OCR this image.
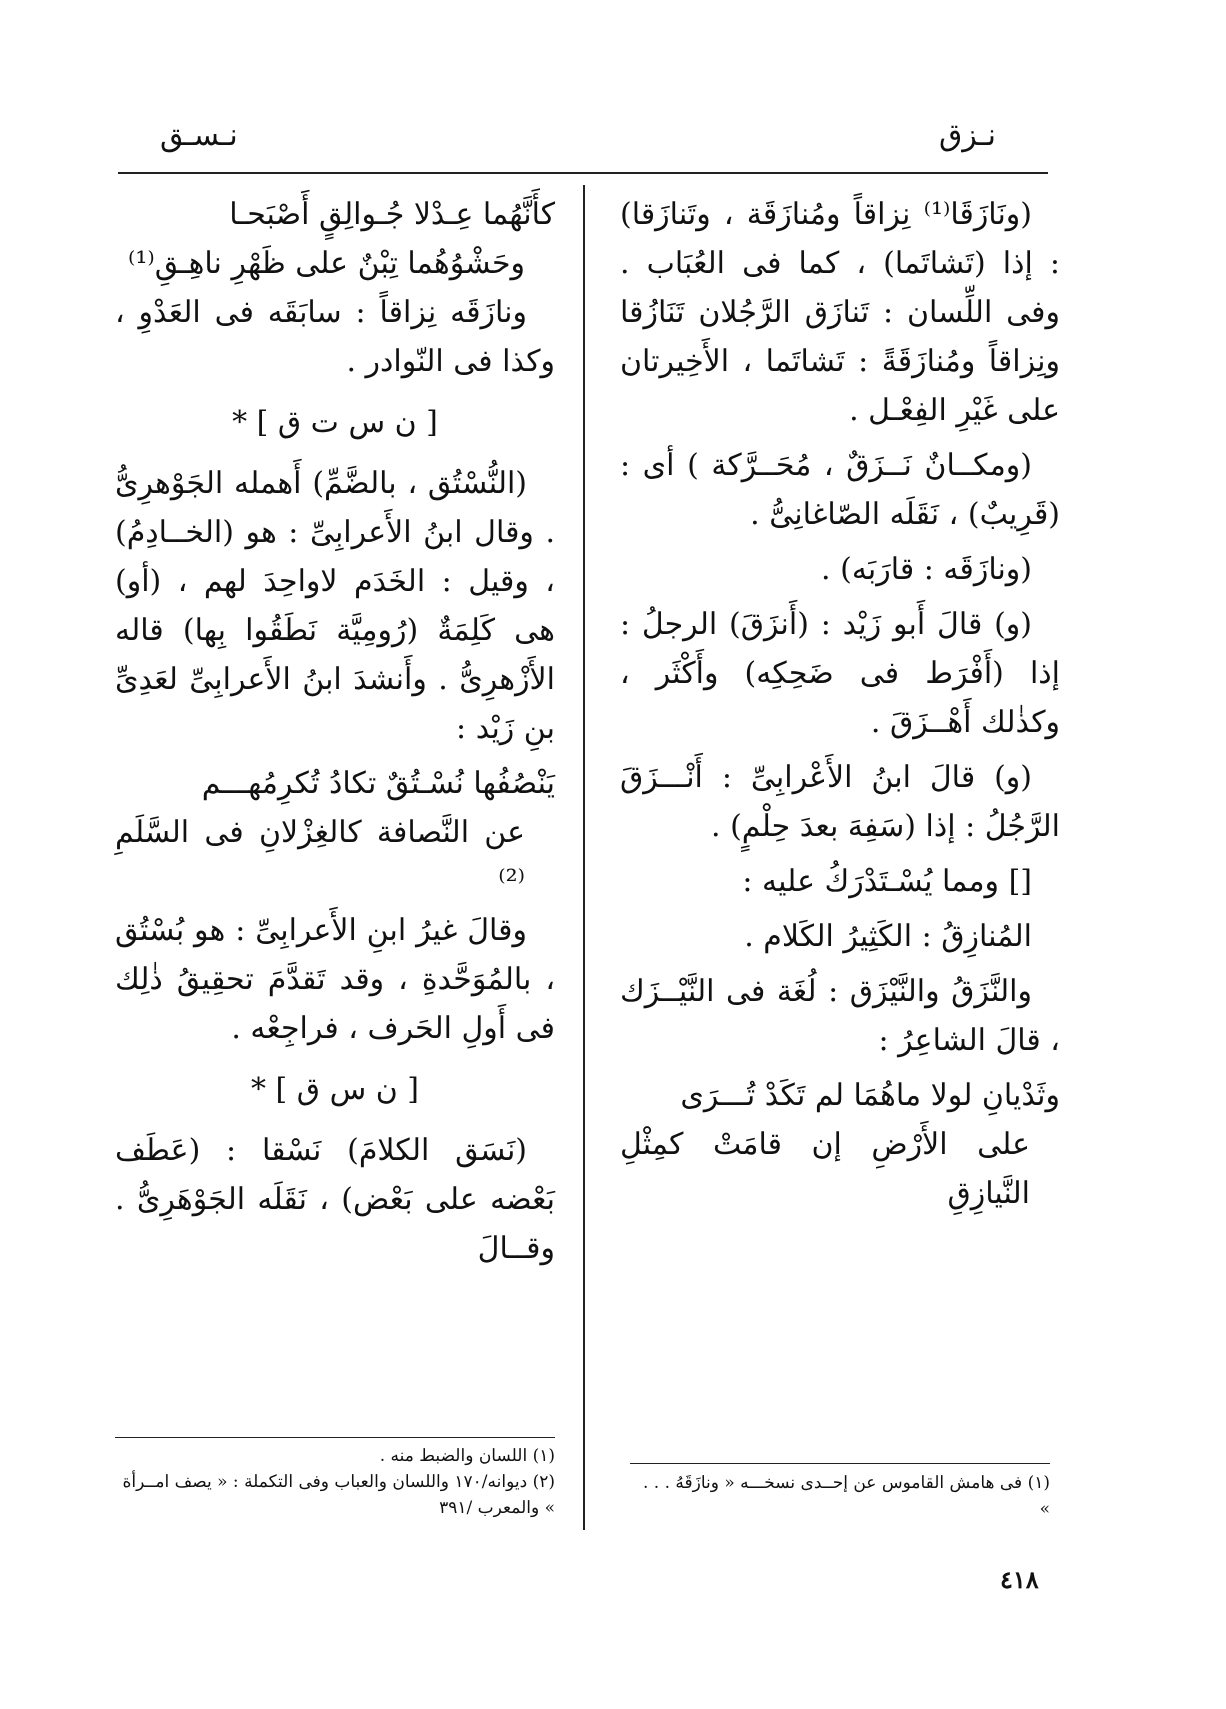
نـزق
نـسـق

(ونَازَقَا⁽¹⁾ نِزاقاً ومُنازَقَة ، وتَنازَقا) : إذا (تَشاتَما) ، كما فى العُبَاب . وفى اللِّسان : تَنازَق الرَّجُلان تَنَازُقا ونِزاقاً ومُنازَقَةً : تَشاتَما ، الأَخِيرتان على غَيْرِ الفِعْـل .

(ومكــانٌ نَــزَقٌ ، مُحَــرَّكة ) أى : (قَرِيبٌ) ، نَقَلَه الصّاغانِىُّ .

(ونازَقَه : قارَبَه) .

(و) قالَ أَبو زَيْد : (أَنزَقَ) الرجلُ : إذا (أَفْرَط فى ضَحِكِه) وأَكْثَر ، وكذٰلك أَهْــزَقَ .

(و) قالَ ابنُ الأَعْرابِىِّ : أَنْـــزَقَ الرَّجُلُ : إذا (سَفِهَ بعدَ حِلْمٍ) .

[] ومما يُسْـتَدْرَكُ عليه :

المُنازِقُ : الكَثِيرُ الكَلام .

والنَّزَقُ والنَّيْزَق : لُغَة فى النَّيْــزَك ، قالَ الشاعِرُ :

وثَدْيانِ لولا ماهُمَا لم تَكَدْ تُـــرَى

على الأَرْضِ إن قامَتْ كمِثْلِ النَّيازِقِ

كأَنَّهُما عِـدْلا جُـوالِقٍ أَصْبَحـا

وحَشْوُهُما تِبْنٌ على ظَهْرِ ناهِـقِ⁽¹⁾

ونازَقَه نِزاقاً : سابَقَه فى العَدْوِ ، وكذا فى النّوادر .

[ ن س ت ق ] *

(النُّسْتُق ، بالضَّمِّ) أَهمله الجَوْهرِىُّ . وقال ابنُ الأَعرابِىِّ : هو (الخــادِمُ) ، وقيل : الخَدَم لاواحِدَ لهم ، (أو) هى كَلِمَةٌ (رُومِيَّة نَطَقُوا بِها) قاله الأَزْهرِىُّ . وأَنشدَ ابنُ الأَعرابِىِّ لعَدِىِّ بنِ زَيْد :

يَنْصُفُها نُسْـتُقٌ تكادُ تُكرِمُهـــم

عن النَّصافة كالغِزْلانِ فى السَّلَمِ ⁽²⁾

وقالَ غيرُ ابنِ الأَعرابِىِّ : هو بُسْتُق ، بالمُوَحَّدةِ ، وقد تَقدَّمَ تحقِيقُ ذٰلِك فى أَولِ الحَرف ، فراجِعْه .

[ ن س ق ] *

(نَسَق الكلامَ) نَسْقا : (عَطَف بَعْضه على بَعْض) ، نَقَلَه الجَوْهَرِىُّ . وقــالَ

(١) فى هامش القاموس عن إحــدى نسخـــه « ونازَقَهُ . . . »
(١) اللسان والضبط منه .
(٢) ديوانه/١٧٠ واللسان والعباب وفى التكملة : « يصف امــرأة » والمعرب /٣٩١
٤١٨
